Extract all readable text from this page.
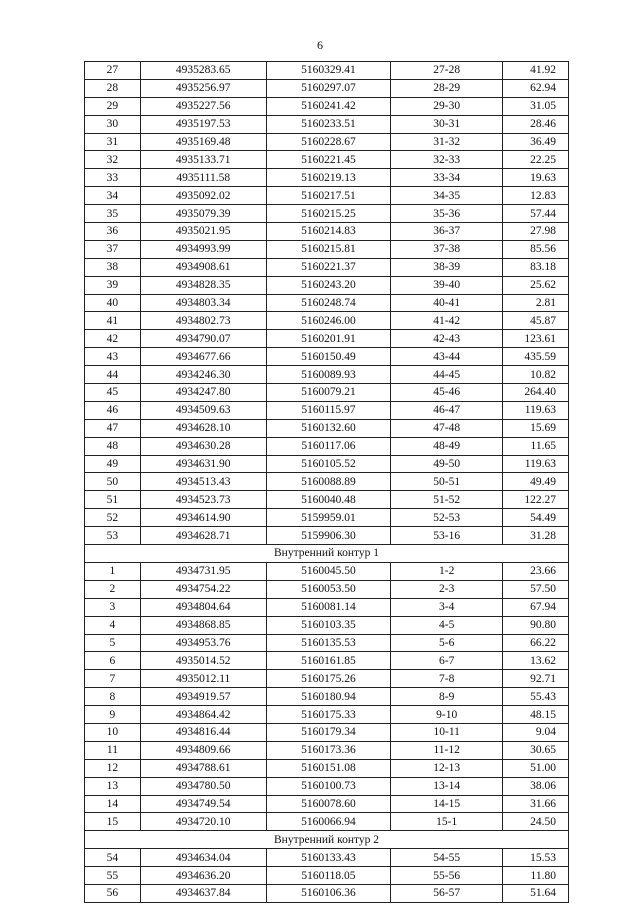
6
27	4935283.65	5160329.41	27-28	41.92
28	4935256.97	5160297.07	28-29	62.94
29	4935227.56	5160241.42	29-30	31.05
30	4935197.53	5160233.51	30-31	28.46
31	4935169.48	5160228.67	31-32	36.49
32	4935133.71	5160221.45	32-33	22.25
33	4935111.58	5160219.13	33-34	19.63
34	4935092.02	5160217.51	34-35	12.83
35	4935079.39	5160215.25	35-36	57.44
36	4935021.95	5160214.83	36-37	27.98
37	4934993.99	5160215.81	37-38	85.56
38	4934908.61	5160221.37	38-39	83.18
39	4934828.35	5160243.20	39-40	25.62
40	4934803.34	5160248.74	40-41	2.81
41	4934802.73	5160246.00	41-42	45.87
42	4934790.07	5160201.91	42-43	123.61
43	4934677.66	5160150.49	43-44	435.59
44	4934246.30	5160089.93	44-45	10.82
45	4934247.80	5160079.21	45-46	264.40
46	4934509.63	5160115.97	46-47	119.63
47	4934628.10	5160132.60	47-48	15.69
48	4934630.28	5160117.06	48-49	11.65
49	4934631.90	5160105.52	49-50	119.63
50	4934513.43	5160088.89	50-51	49.49
51	4934523.73	5160040.48	51-52	122.27
52	4934614.90	5159959.01	52-53	54.49
53	4934628.71	5159906.30	53-16	31.28
Внутренний контур 1				
1	4934731.95	5160045.50	1-2	23.66
2	4934754.22	5160053.50	2-3	57.50
3	4934804.64	5160081.14	3-4	67.94
4	4934868.85	5160103.35	4-5	90.80
5	4934953.76	5160135.53	5-6	66.22
6	4935014.52	5160161.85	6-7	13.62
7	4935012.11	5160175.26	7-8	92.71
8	4934919.57	5160180.94	8-9	55.43
9	4934864.42	5160175.33	9-10	48.15
10	4934816.44	5160179.34	10-11	9.04
11	4934809.66	5160173.36	11-12	30.65
12	4934788.61	5160151.08	12-13	51.00
13	4934780.50	5160100.73	13-14	38.06
14	4934749.54	5160078.60	14-15	31.66
15	4934720.10	5160066.94	15-1	24.50
Внутренний контур 2				
54	4934634.04	5160133.43	54-55	15.53
55	4934636.20	5160118.05	55-56	11.80
56	4934637.84	5160106.36	56-57	51.64
